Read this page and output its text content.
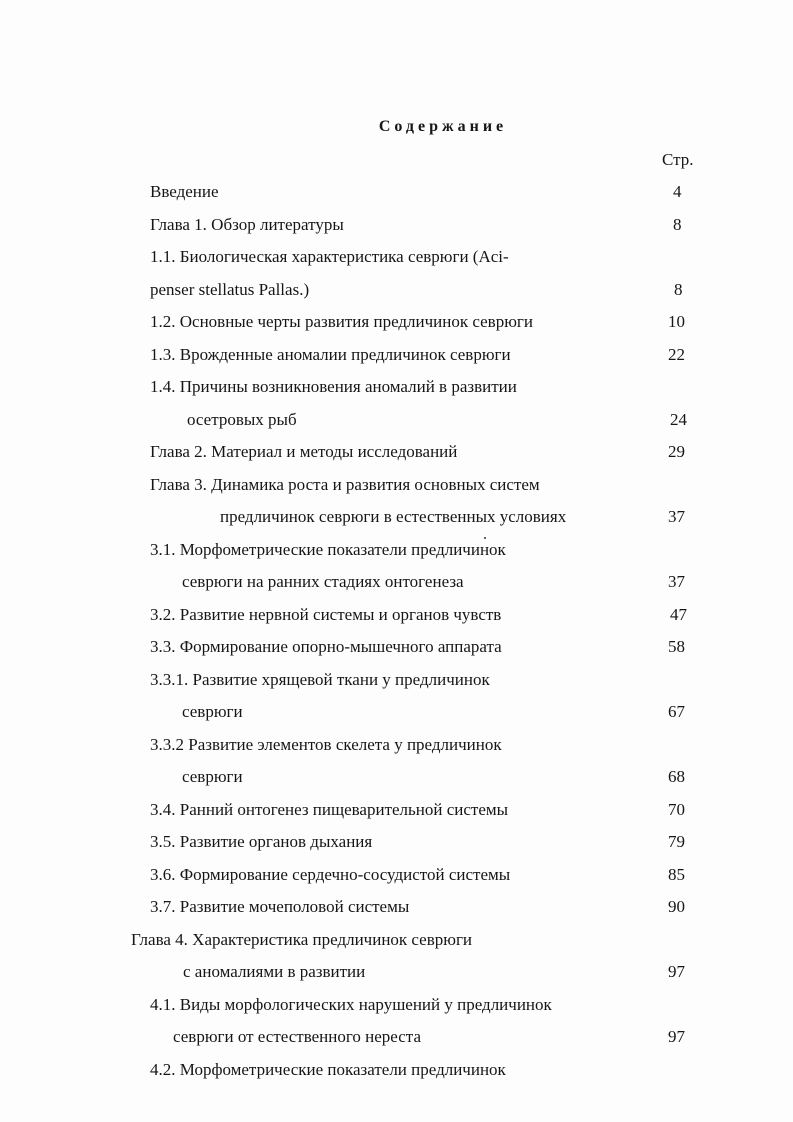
Содержание
Стр.
Введение	4
Глава 1. Обзор литературы	8
1.1. Биологическая характеристика севрюги (Aci-
penser stellatus Pallas.)	8
1.2. Основные черты развития предличинок севрюги	10
1.3. Врожденные аномалии предличинок севрюги	22
1.4. Причины возникновения аномалий в развитии
осетровых рыб	24
Глава 2. Материал и методы исследований	29
Глава 3. Динамика роста и развития основных систем
предличинок севрюги в естественных условиях	37
3.1. Морфометрические показатели предличинок
севрюги на ранних стадиях онтогенеза	37
3.2. Развитие нервной системы и органов чувств	47
3.3. Формирование опорно-мышечного аппарата	58
3.3.1. Развитие хрящевой ткани у предличинок
севрюги	67
3.3.2 Развитие элементов скелета у предличинок
севрюги	68
3.4. Ранний онтогенез пищеварительной системы	70
3.5. Развитие органов дыхания	79
3.6. Формирование сердечно-сосудистой системы	85
3.7. Развитие мочеполовой системы	90
Глава 4. Характеристика предличинок севрюги
с аномалиями в развитии	97
4.1. Виды морфологических нарушений у предличинок
севрюги от естественного нереста	97
4.2. Морфометрические показатели предличинок
